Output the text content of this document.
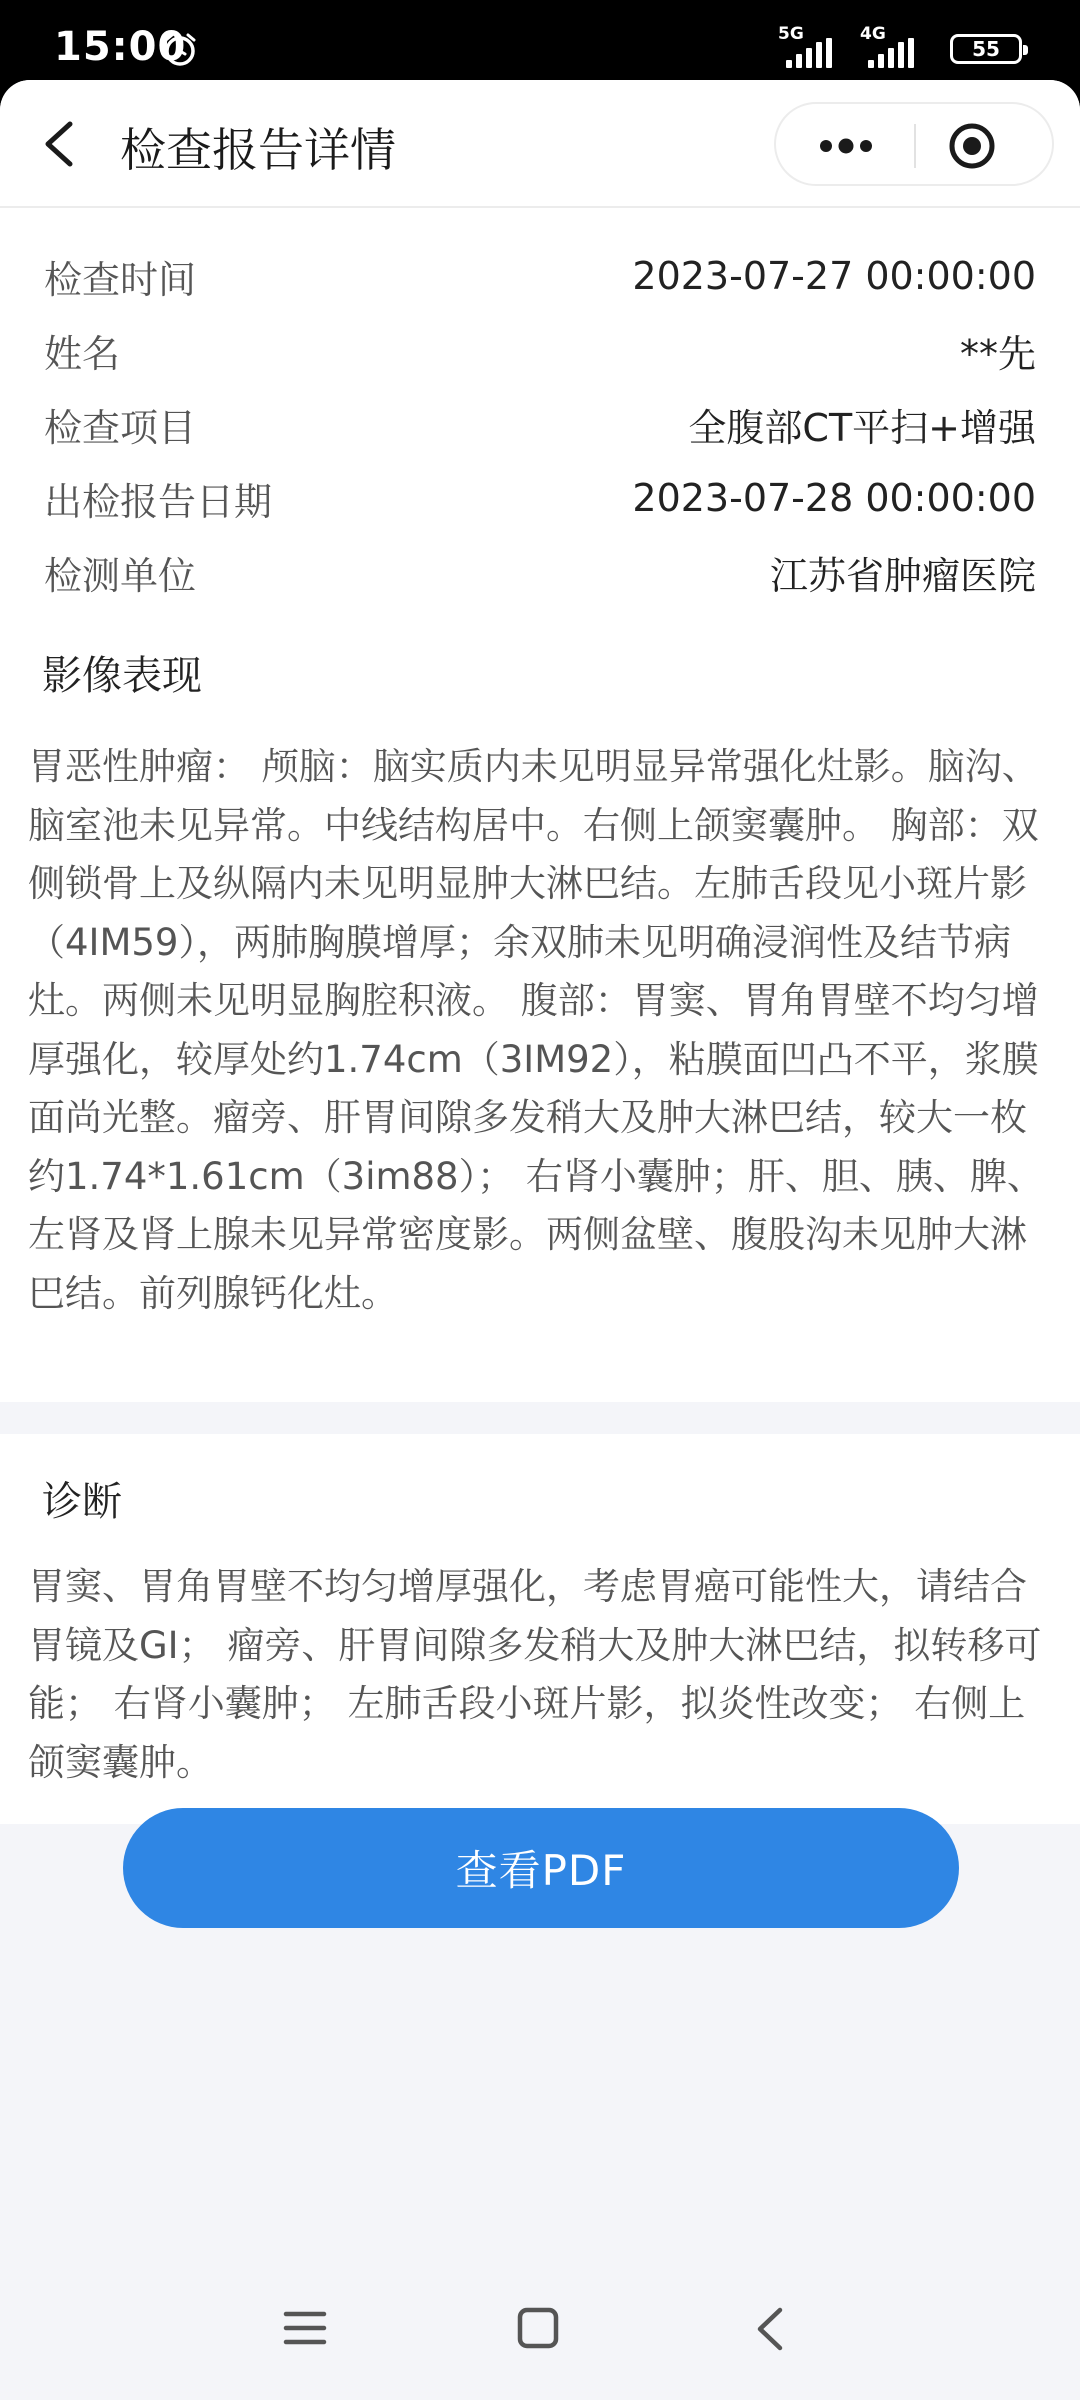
15:00	5G	4G
55
检查报告详情
检查时间	2023-07-27 00:00:00
姓名	**先
检查项目	全腹部CT平扫+增强
出检报告日期	2023-07-28 00:00:00
检测单位	江苏省肿瘤医院
影像表现
胃恶性肿瘤： 颅脑：脑实质内未见明显异常强化灶影。脑沟、脑室池未见异常。中线结构居中。右侧上颌窦囊肿。 胸部：双侧锁骨上及纵隔内未见明显肿大淋巴结。左肺舌段见小斑片影（4IM59），两肺胸膜增厚；余双肺未见明确浸润性及结节病灶。两侧未见明显胸腔积液。 腹部：胃窦、胃角胃壁不均匀增厚强化，较厚处约1.74cm（3IM92），粘膜面凹凸不平，浆膜面尚光整。瘤旁、肝胃间隙多发稍大及肿大淋巴结，较大一枚约1.74*1.61cm（3im88）； 右肾小囊肿；肝、胆、胰、脾、左肾及肾上腺未见异常密度影。两侧盆壁、腹股沟未见肿大淋巴结。前列腺钙化灶。
诊断
胃窦、胃角胃壁不均匀增厚强化，考虑胃癌可能性大，请结合胃镜及GI； 瘤旁、肝胃间隙多发稍大及肿大淋巴结，拟转移可能； 右肾小囊肿； 左肺舌段小斑片影，拟炎性改变； 右侧上颌窦囊肿。
查看PDF
